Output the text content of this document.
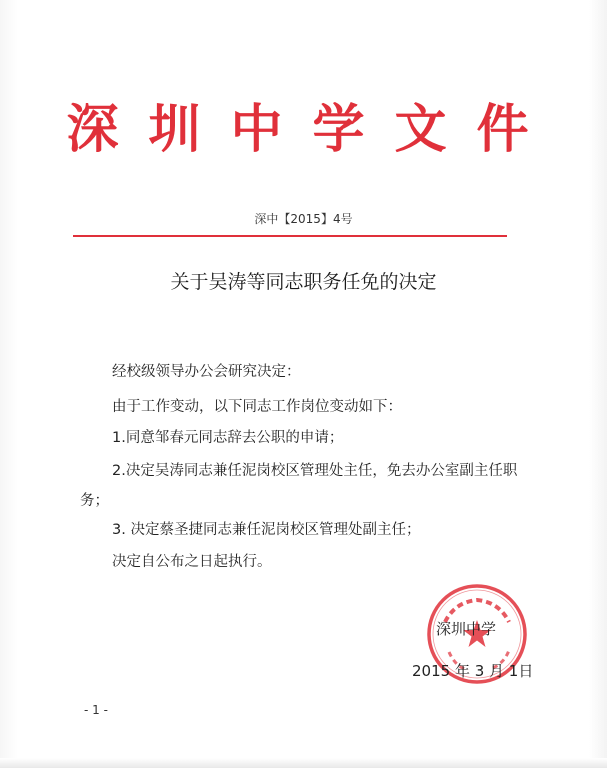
深圳中学文件
深中【2015】4号
关于吴涛等同志职务任免的决定
经校级领导办公会研究决定：
由于工作变动，以下同志工作岗位变动如下：
1.同意邹春元同志辞去公职的申请；
2.决定吴涛同志兼任泥岗校区管理处主任，免去办公室副主任职
务；
3. 决定蔡圣捷同志兼任泥岗校区管理处副主任；
决定自公布之日起执行。
深圳中学
2015 年 3 月 1日
- 1 -
